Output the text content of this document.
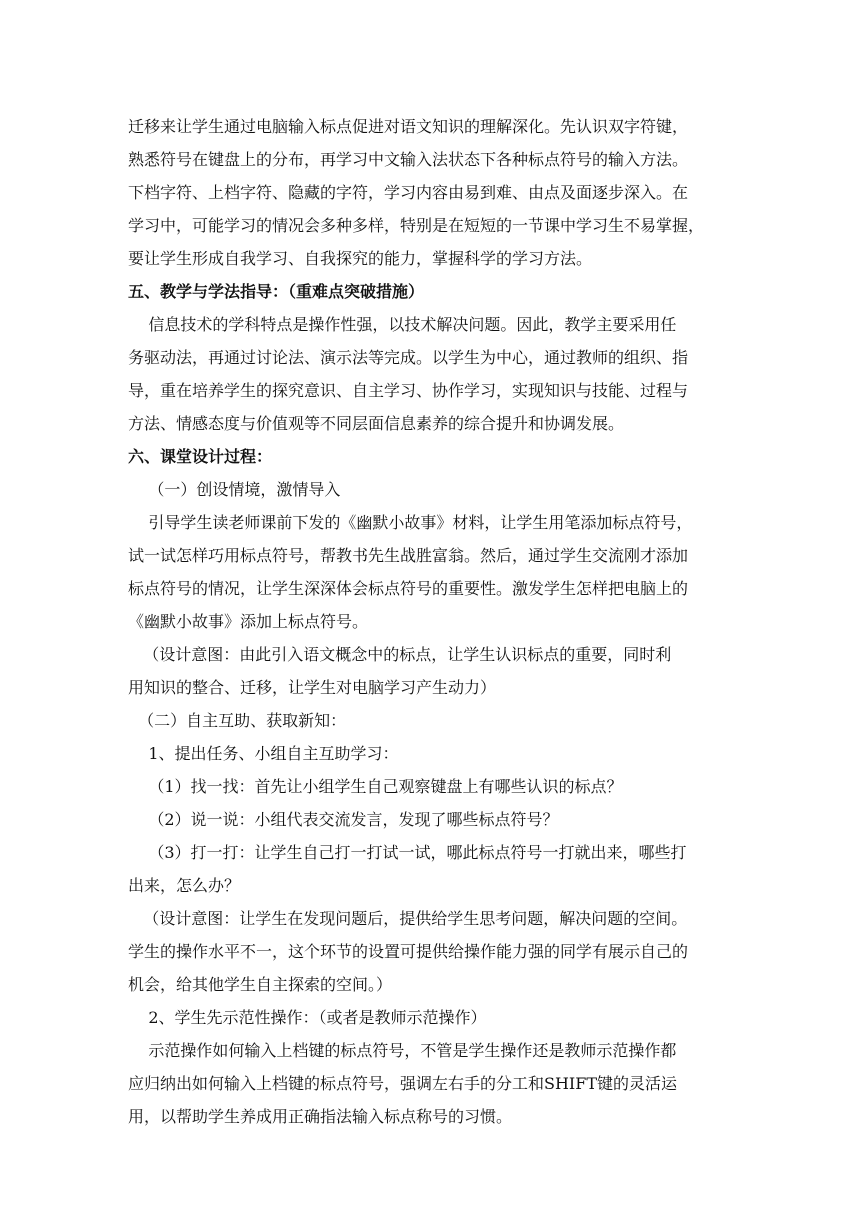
迁移来让学生通过电脑输入标点促进对语文知识的理解深化。先认识双字符键，
熟悉符号在键盘上的分布，再学习中文输入法状态下各种标点符号的输入方法。
下档字符、上档字符、隐藏的字符，学习内容由易到难、由点及面逐步深入。在
学习中，可能学习的情况会多种多样，特别是在短短的一节课中学习生不易掌握，
要让学生形成自我学习、自我探究的能力，掌握科学的学习方法。
五、教学与学法指导：（重难点突破措施）
信息技术的学科特点是操作性强，以技术解决问题。因此，教学主要采用任
务驱动法，再通过讨论法、演示法等完成。以学生为中心，通过教师的组织、指
导，重在培养学生的探究意识、自主学习、协作学习，实现知识与技能、过程与
方法、情感态度与价值观等不同层面信息素养的综合提升和协调发展。
六、课堂设计过程：
（一）创设情境，激情导入
引导学生读老师课前下发的《幽默小故事》材料，让学生用笔添加标点符号，
试一试怎样巧用标点符号，帮教书先生战胜富翁。然后，通过学生交流刚才添加
标点符号的情况，让学生深深体会标点符号的重要性。激发学生怎样把电脑上的
《幽默小故事》添加上标点符号。
（设计意图：由此引入语文概念中的标点，让学生认识标点的重要，同时利
用知识的整合、迁移，让学生对电脑学习产生动力）
（二）自主互助、获取新知：
1、提出任务、小组自主互助学习：
（1）找一找：首先让小组学生自己观察键盘上有哪些认识的标点？
（2）说一说：小组代表交流发言，发现了哪些标点符号？
（3）打一打：让学生自己打一打试一试，哪此标点符号一打就出来，哪些打
出来，怎么办？
（设计意图：让学生在发现问题后，提供给学生思考问题，解决问题的空间。
学生的操作水平不一，这个环节的设置可提供给操作能力强的同学有展示自己的
机会，给其他学生自主探索的空间。）
2、学生先示范性操作：（或者是教师示范操作）
示范操作如何输入上档键的标点符号，不管是学生操作还是教师示范操作都
应归纳出如何输入上档键的标点符号，强调左右手的分工和SHIFT键的灵活运
用，以帮助学生养成用正确指法输入标点称号的习惯。
